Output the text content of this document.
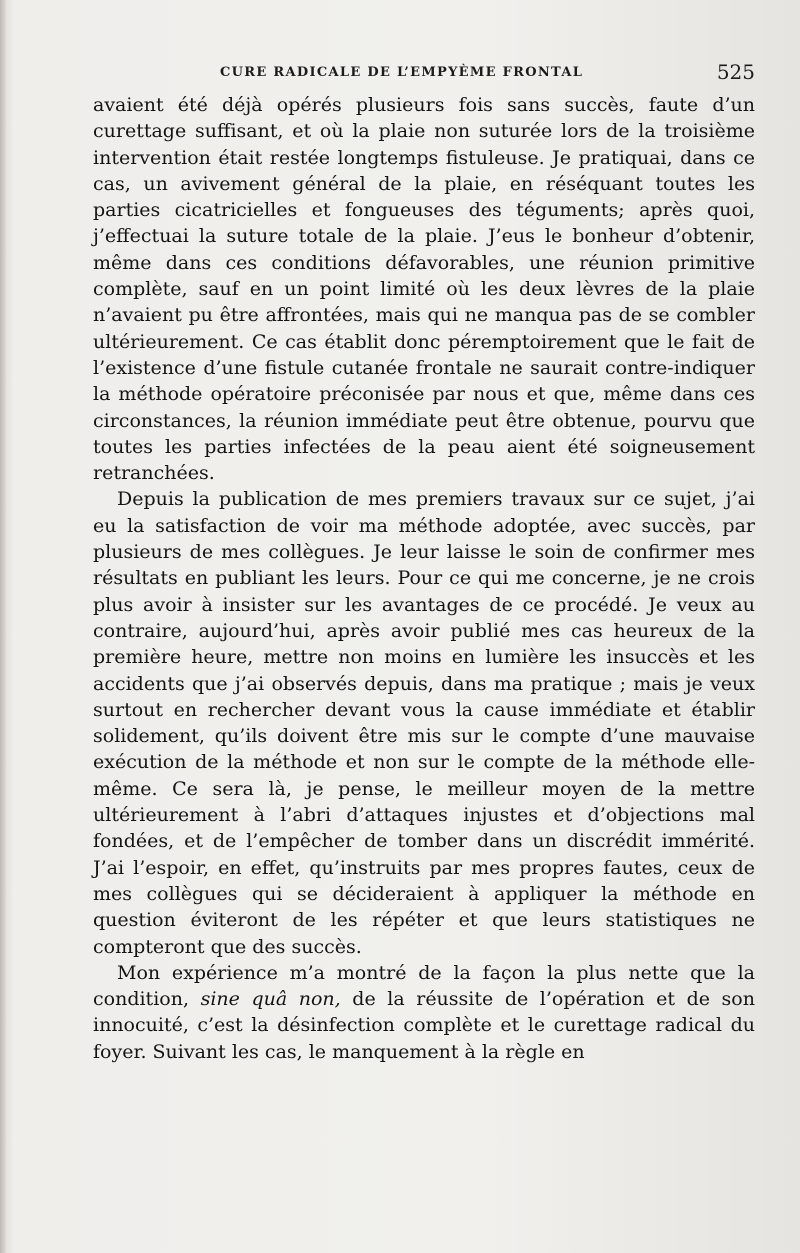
CURE RADICALE DE L’EMPYÈME FRONTAL	525

avaient été déjà opérés plusieurs fois sans succès, faute d’un curettage suffisant, et où la plaie non suturée lors de la troisième intervention était restée longtemps fistuleuse. Je pratiquai, dans ce cas, un avivement général de la plaie, en réséquant toutes les parties cicatricielles et fongueuses des téguments; après quoi, j’effectuai la suture totale de la plaie. J’eus le bonheur d’obtenir, même dans ces conditions défavorables, une réunion primitive complète, sauf en un point limité où les deux lèvres de la plaie n’avaient pu être affrontées, mais qui ne manqua pas de se combler ultérieurement. Ce cas établit donc péremptoirement que le fait de l’existence d’une fistule cutanée frontale ne saurait contre-indiquer la méthode opératoire préconisée par nous et que, même dans ces circonstances, la réunion immédiate peut être obtenue, pourvu que toutes les parties infectées de la peau aient été soigneusement retranchées.

Depuis la publication de mes premiers travaux sur ce sujet, j’ai eu la satisfaction de voir ma méthode adoptée, avec succès, par plusieurs de mes collègues. Je leur laisse le soin de confirmer mes résultats en publiant les leurs. Pour ce qui me concerne, je ne crois plus avoir à insister sur les avantages de ce procédé. Je veux au contraire, aujourd’hui, après avoir publié mes cas heureux de la première heure, mettre non moins en lumière les insuccès et les accidents que j’ai observés depuis, dans ma pratique ; mais je veux surtout en rechercher devant vous la cause immédiate et établir solidement, qu’ils doivent être mis sur le compte d’une mauvaise exécution de la méthode et non sur le compte de la méthode elle-même. Ce sera là, je pense, le meilleur moyen de la mettre ultérieurement à l’abri d’attaques injustes et d’objections mal fondées, et de l’empêcher de tomber dans un discrédit immérité. J’ai l’espoir, en effet, qu’instruits par mes propres fautes, ceux de mes collègues qui se décideraient à appliquer la méthode en question éviteront de les répéter et que leurs statistiques ne compteront que des succès.

Mon expérience m’a montré de la façon la plus nette que la condition, sine quâ non, de la réussite de l’opération et de son innocuité, c’est la désinfection complète et le curettage radical du foyer. Suivant les cas, le manquement à la règle en
